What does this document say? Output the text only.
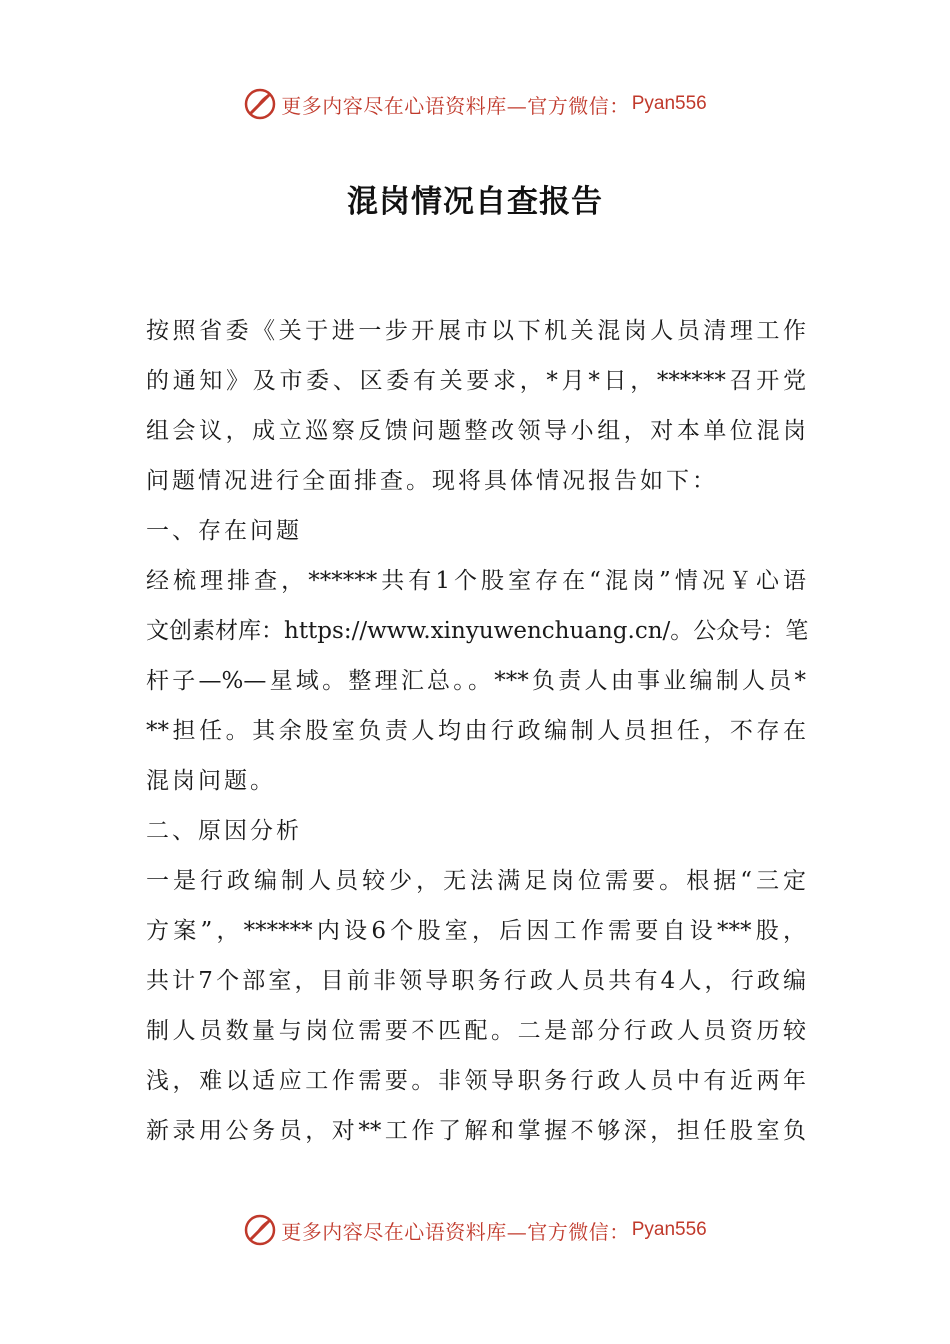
更多内容尽在心语资料库—官方微信： Pyan556
混岗情况自查报告
按照省委《关于进一步开展市以下机关混岗人员清理工作
的通知》及市委、区委有关要求，*月*日，******召开党
组会议，成立巡察反馈问题整改领导小组，对本单位混岗
问题情况进行全面排查。现将具体情况报告如下：
一、存在问题
经梳理排查，******共有1个股室存在“混岗”情况￥心语
文创素材库：https://www.xinyuwenchuang.cn/。公众号：笔
杆子—%—星域。整理汇总。。***负责人由事业编制人员*
**担任。其余股室负责人均由行政编制人员担任，不存在
混岗问题。
二、原因分析
一是行政编制人员较少，无法满足岗位需要。根据“三定
方案”，******内设6个股室，后因工作需要自设***股，
共计7个部室，目前非领导职务行政人员共有4人，行政编
制人员数量与岗位需要不匹配。二是部分行政人员资历较
浅，难以适应工作需要。非领导职务行政人员中有近两年
新录用公务员，对**工作了解和掌握不够深，担任股室负
更多内容尽在心语资料库—官方微信： Pyan556
